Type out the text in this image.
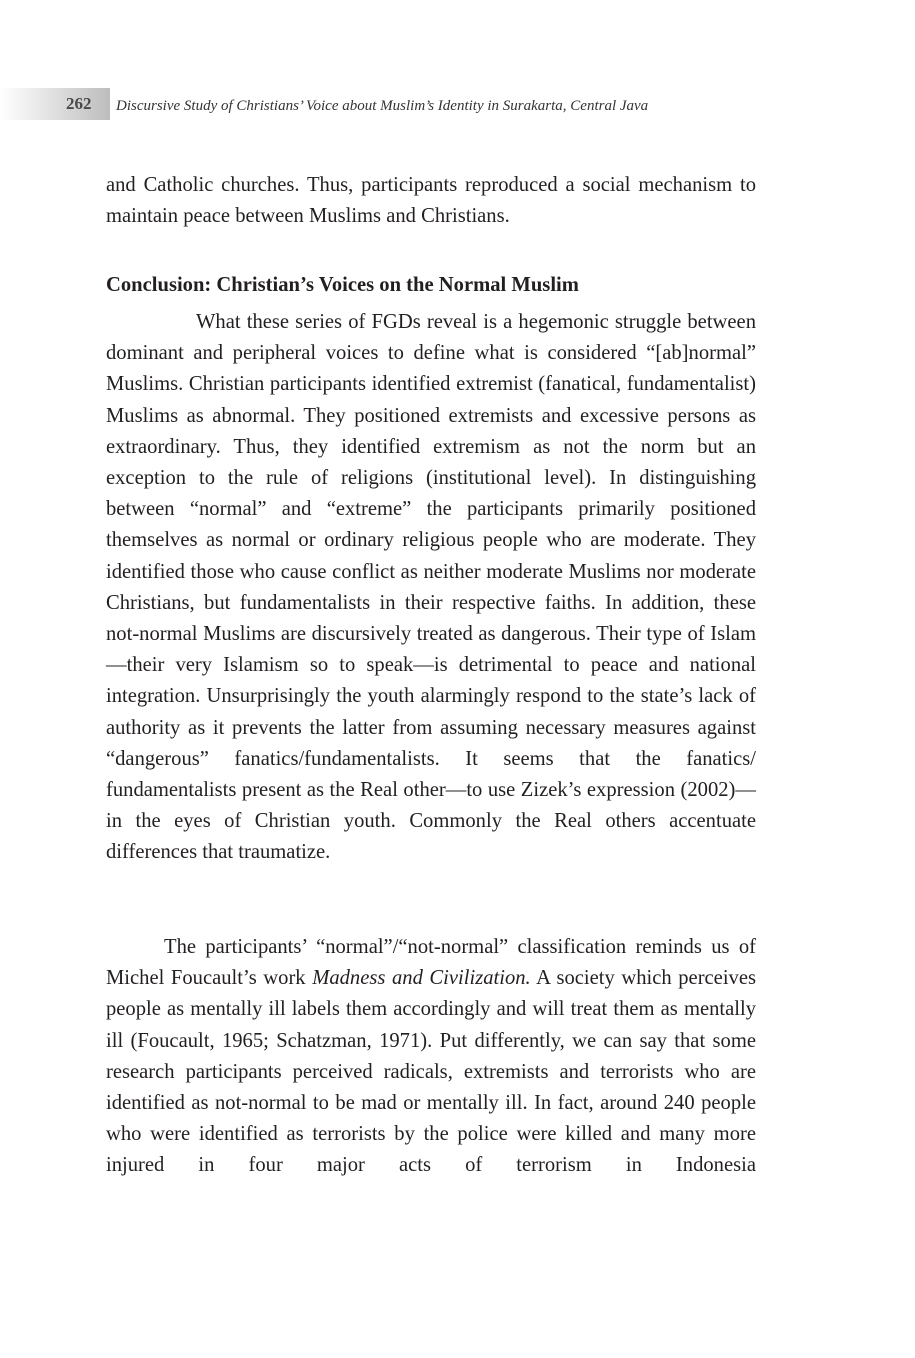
262 Discursive Study of Christians’ Voice about Muslim’s Identity in Surakarta, Central Java

and Catholic churches. Thus, participants reproduced a social mechanism to maintain peace between Muslims and Christians.

Conclusion: Christian’s Voices on the Normal Muslim

What these series of FGDs reveal is a hegemonic struggle between dominant and peripheral voices to define what is considered “[ab]normal” Muslims. Christian participants identified extremist (fanatical, fundamentalist) Muslims as abnormal. They positioned extremists and excessive persons as extraordinary. Thus, they identified extremism as not the norm but an exception to the rule of religions (institutional level). In distinguishing between “normal” and “extreme” the participants primarily positioned themselves as normal or ordinary religious people who are moderate. They identified those who cause conflict as neither moderate Muslims nor moderate Christians, but fundamentalists in their respective faiths. In addition, these not-normal Muslims are discursively treated as dangerous. Their type of Islam—their very Islamism so to speak—is detrimental to peace and national integration. Unsurprisingly the youth alarmingly respond to the state’s lack of authority as it prevents the latter from assuming necessary measures against “dangerous” fanatics/fundamentalists. It seems that the fanatics/ fundamentalists present as the Real other—to use Zizek’s expression (2002)—in the eyes of Christian youth. Commonly the Real others accentuate differences that traumatize.

The participants’ “normal”/“not-normal” classification reminds us of Michel Foucault’s work Madness and Civilization. A society which perceives people as mentally ill labels them accordingly and will treat them as mentally ill (Foucault, 1965; Schatzman, 1971). Put differently, we can say that some research participants perceived radicals, extremists and terrorists who are identified as not-normal to be mad or mentally ill. In fact, around 240 people who were identified as terrorists by the police were killed and many more injured in four major acts of terrorism in Indonesia
